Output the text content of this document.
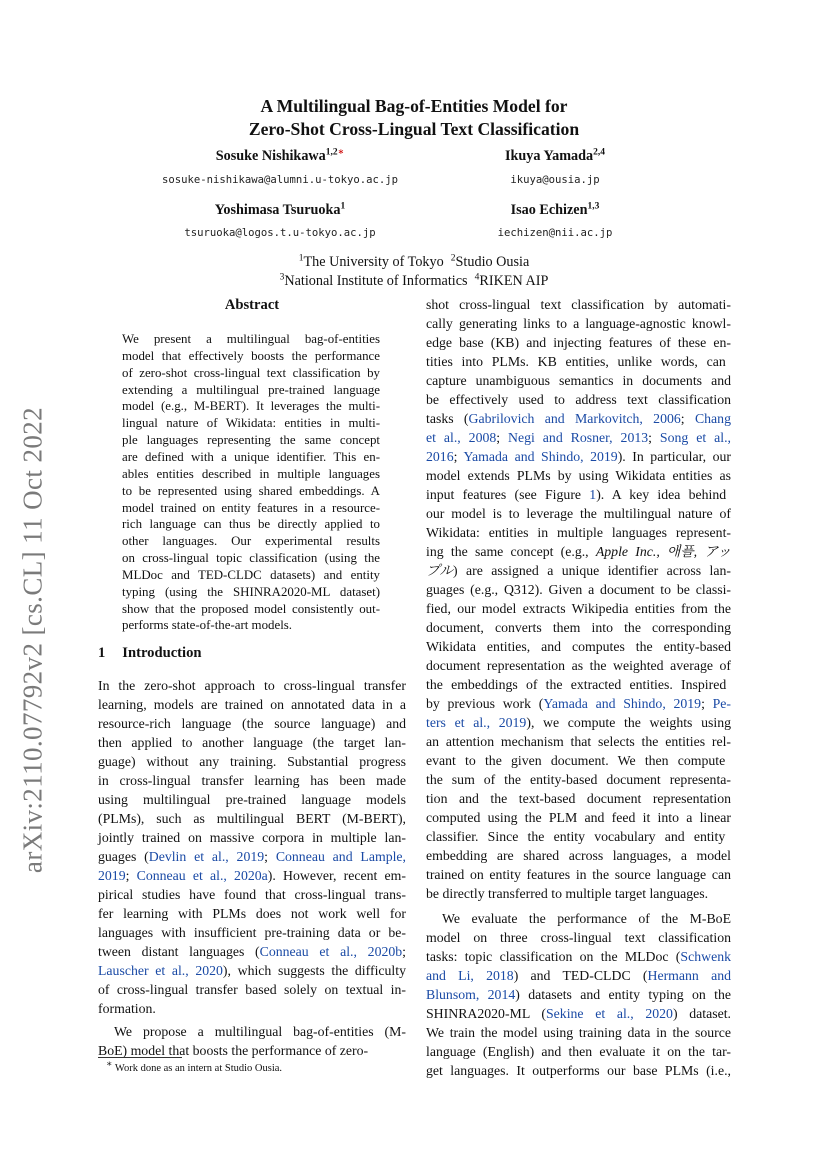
arXiv:2110.07792v2 [cs.CL] 11 Oct 2022
A Multilingual Bag-of-Entities Model for
Zero-Shot Cross-Lingual Text Classification
Sosuke Nishikawa$^{1,2∗}$
sosuke-nishikawa@alumni.u-tokyo.ac.jp
Ikuya Yamada$^{2,4}$
ikuya@ousia.jp
Yoshimasa Tsuruoka$^1$
tsuruoka@logos.t.u-tokyo.ac.jp
Isao Echizen$^{1,3}$
iechizen@nii.ac.jp
$^1$The University of Tokyo  $^2$Studio Ousia
$^3$National Institute of Informatics  $^4$RIKEN AIP
Abstract
We present a multilingual bag-of-entities
model that effectively boosts the performance
of zero-shot cross-lingual text classification by
extending a multilingual pre-trained language
model (e.g., M-BERT). It leverages the multi-
lingual nature of Wikidata: entities in multi-
ple languages representing the same concept
are defined with a unique identifier. This en-
ables entities described in multiple languages
to be represented using shared embeddings. A
model trained on entity features in a resource-
rich language can thus be directly applied to
other languages. Our experimental results
on cross-lingual topic classification (using the
MLDoc and TED-CLDC datasets) and entity
typing (using the SHINRA2020-ML dataset)
show that the proposed model consistently out-
performs state-of-the-art models.
1 Introduction
In the zero-shot approach to cross-lingual transfer
learning, models are trained on annotated data in a
resource-rich language (the source language) and
then applied to another language (the target lan-
guage) without any training. Substantial progress
in cross-lingual transfer learning has been made
using multilingual pre-trained language models
(PLMs), such as multilingual BERT (M-BERT),
jointly trained on massive corpora in multiple lan-
guages (Devlin et al., 2019; Conneau and Lample,
2019; Conneau et al., 2020a). However, recent em-
pirical studies have found that cross-lingual trans-
fer learning with PLMs does not work well for
languages with insufficient pre-training data or be-
tween distant languages (Conneau et al., 2020b;
Lauscher et al., 2020), which suggests the difficulty
of cross-lingual transfer based solely on textual in-
formation.
We propose a multilingual bag-of-entities (M-
BoE) model that boosts the performance of zero-
shot cross-lingual text classification by automati-
cally generating links to a language-agnostic knowl-
edge base (KB) and injecting features of these en-
tities into PLMs. KB entities, unlike words, can
capture unambiguous semantics in documents and
be effectively used to address text classification
tasks (Gabrilovich and Markovitch, 2006; Chang
et al., 2008; Negi and Rosner, 2013; Song et al.,
2016; Yamada and Shindo, 2019). In particular, our
model extends PLMs by using Wikidata entities as
input features (see Figure 1). A key idea behind
our model is to leverage the multilingual nature of
Wikidata: entities in multiple languages represent-
ing the same concept (e.g., Apple Inc., 애플, アッ
プル) are assigned a unique identifier across lan-
guages (e.g., Q312). Given a document to be classi-
fied, our model extracts Wikipedia entities from the
document, converts them into the corresponding
Wikidata entities, and computes the entity-based
document representation as the weighted average of
the embeddings of the extracted entities. Inspired
by previous work (Yamada and Shindo, 2019; Pe-
ters et al., 2019), we compute the weights using
an attention mechanism that selects the entities rel-
evant to the given document. We then compute
the sum of the entity-based document representa-
tion and the text-based document representation
computed using the PLM and feed it into a linear
classifier. Since the entity vocabulary and entity
embedding are shared across languages, a model
trained on entity features in the source language can
be directly transferred to multiple target languages.
We evaluate the performance of the M-BoE
model on three cross-lingual text classification
tasks: topic classification on the MLDoc (Schwenk
and Li, 2018) and TED-CLDC (Hermann and
Blunsom, 2014) datasets and entity typing on the
SHINRA2020-ML (Sekine et al., 2020) dataset.
We train the model using training data in the source
language (English) and then evaluate it on the tar-
get languages. It outperforms our base PLMs (i.e.,
∗ Work done as an intern at Studio Ousia.
